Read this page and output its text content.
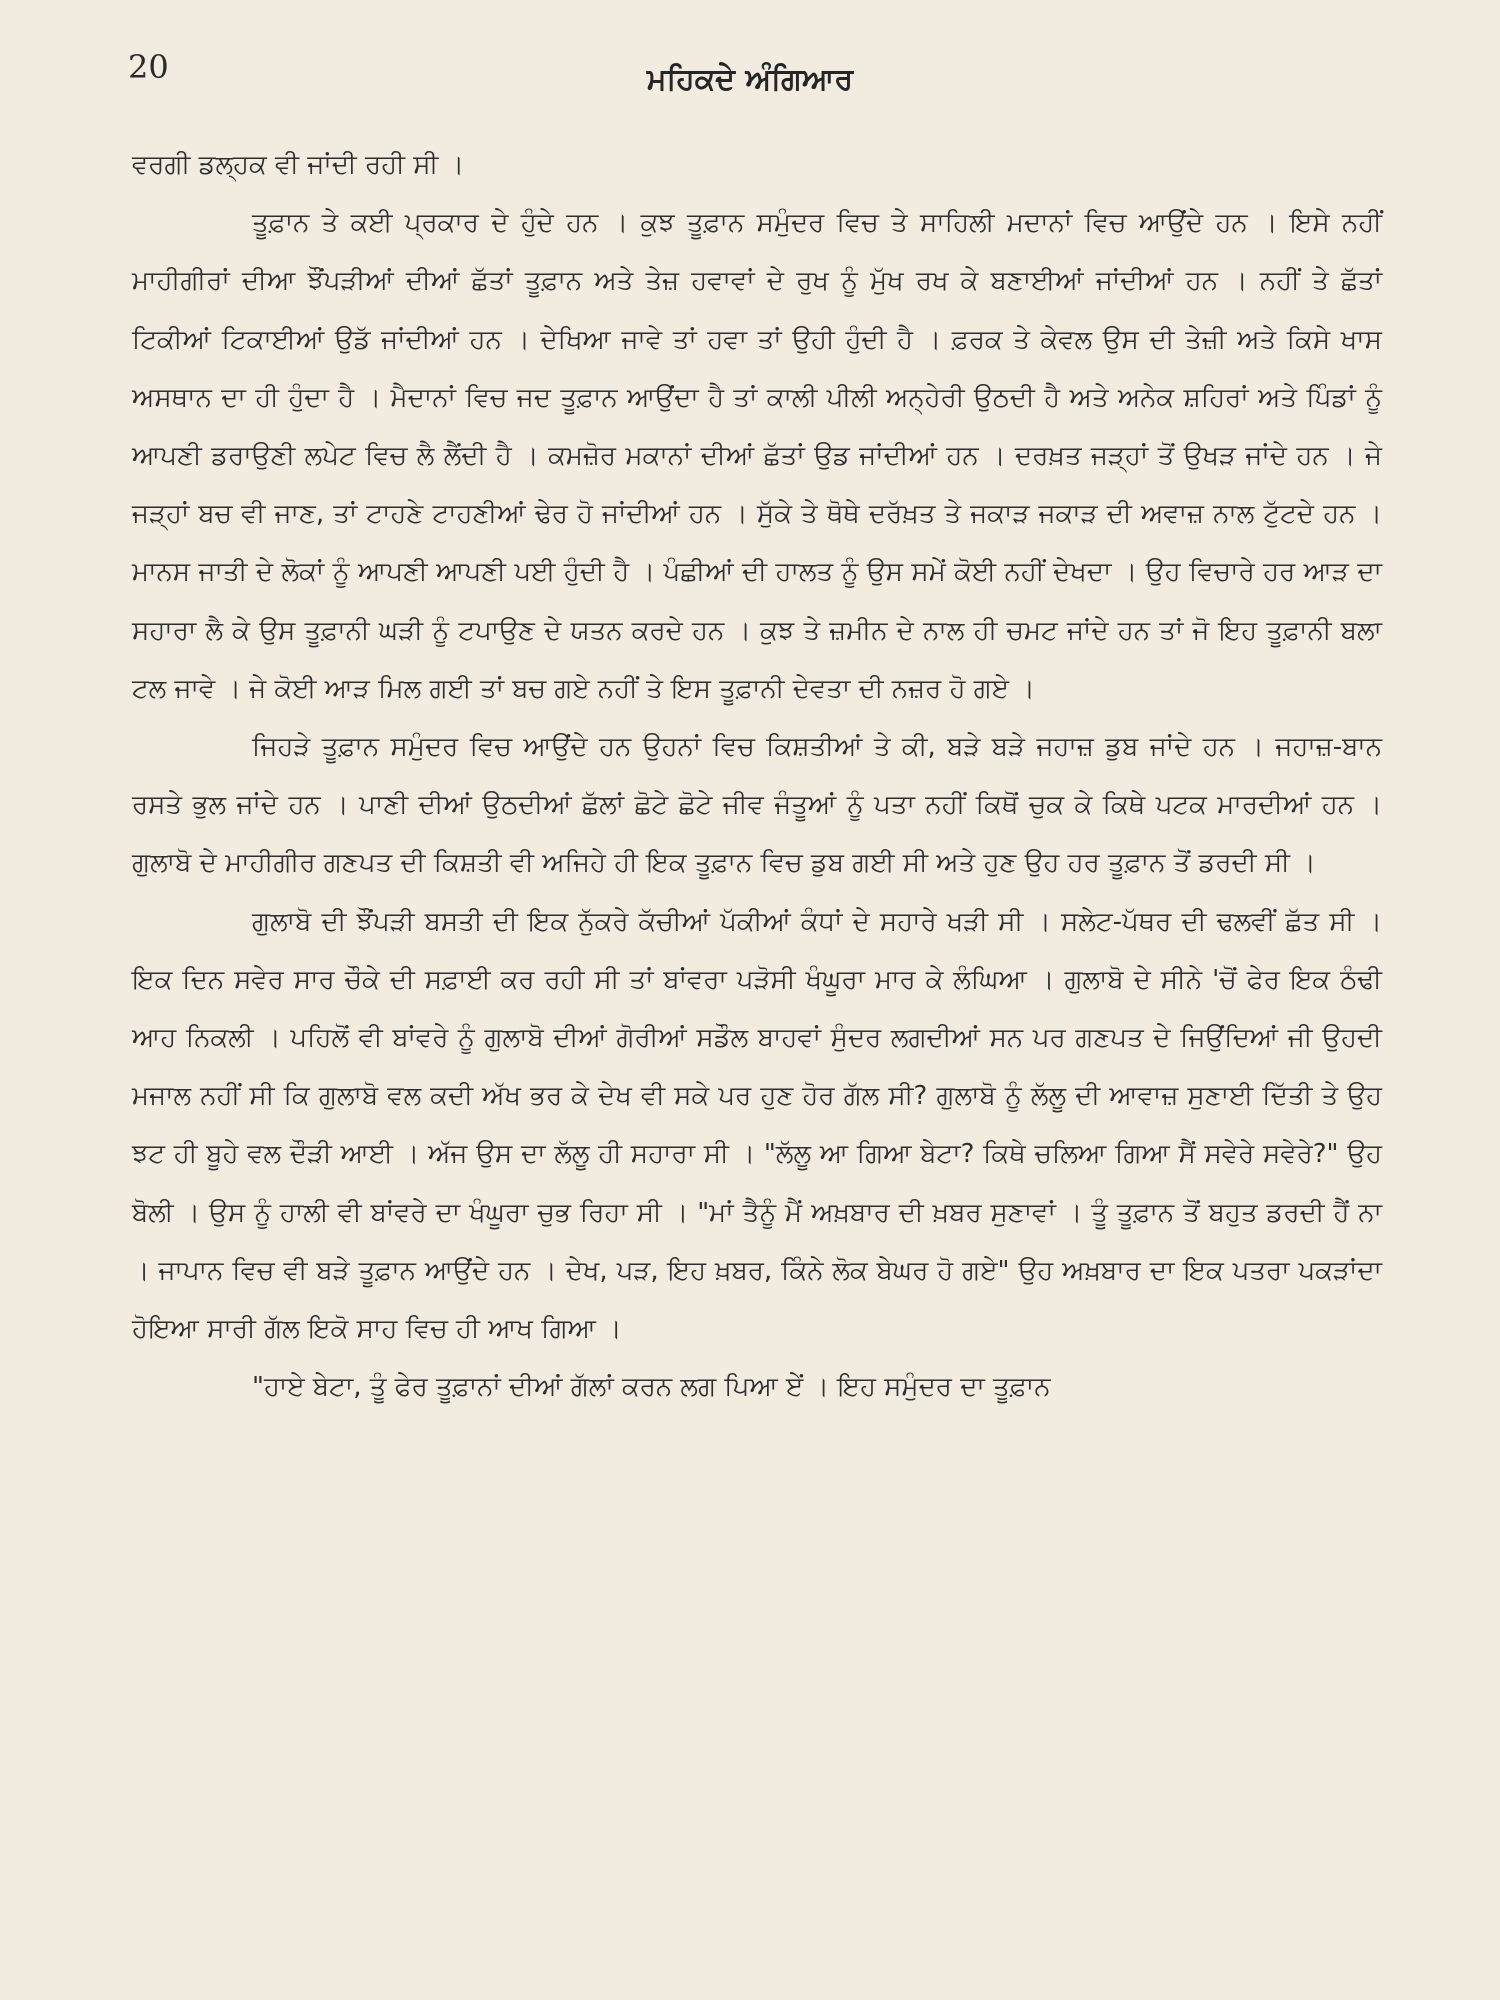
20	ਮਹਿਕਦੇ ਅੰਗਿਆਰ

ਵਰਗੀ ਡਲ੍ਹਕ ਵੀ ਜਾਂਦੀ ਰਹੀ ਸੀ ।

ਤੂਫ਼ਾਨ ਤੇ ਕਈ ਪ੍ਰਕਾਰ ਦੇ ਹੁੰਦੇ ਹਨ । ਕੁਝ ਤੂਫ਼ਾਨ ਸਮੁੰਦਰ ਵਿਚ ਤੇ ਸਾਹਿਲੀ ਮਦਾਨਾਂ ਵਿਚ ਆਉਂਦੇ ਹਨ । ਇਸੇ ਨਹੀਂ ਮਾਹੀਗੀਰਾਂ ਦੀਆ ਝੌਂਪੜੀਆਂ ਦੀਆਂ ਛੱਤਾਂ ਤੂਫ਼ਾਨ ਅਤੇ ਤੇਜ਼ ਹਵਾਵਾਂ ਦੇ ਰੁਖ ਨੂੰ ਮੁੱਖ ਰਖ ਕੇ ਬਣਾਈਆਂ ਜਾਂਦੀਆਂ ਹਨ । ਨਹੀਂ ਤੇ ਛੱਤਾਂ ਟਿਕੀਆਂ ਟਿਕਾਈਆਂ ਉਡੱ ਜਾਂਦੀਆਂ ਹਨ । ਦੇਖਿਆ ਜਾਵੇ ਤਾਂ ਹਵਾ ਤਾਂ ਉਹੀ ਹੁੰਦੀ ਹੈ । ਫ਼ਰਕ ਤੇ ਕੇਵਲ ਉਸ ਦੀ ਤੇਜ਼ੀ ਅਤੇ ਕਿਸੇ ਖਾਸ ਅਸਥਾਨ ਦਾ ਹੀ ਹੁੰਦਾ ਹੈ । ਮੈਦਾਨਾਂ ਵਿਚ ਜਦ ਤੂਫ਼ਾਨ ਆਉਂਦਾ ਹੈ ਤਾਂ ਕਾਲੀ ਪੀਲੀ ਅਨ੍ਹੇਰੀ ਉਠਦੀ ਹੈ ਅਤੇ ਅਨੇਕ ਸ਼ਹਿਰਾਂ ਅਤੇ ਪਿੰਡਾਂ ਨੂੰ ਆਪਣੀ ਡਰਾਉਣੀ ਲਪੇਟ ਵਿਚ ਲੈ ਲੈਂਦੀ ਹੈ । ਕਮਜ਼ੋਰ ਮਕਾਨਾਂ ਦੀਆਂ ਛੱਤਾਂ ਉਡ ਜਾਂਦੀਆਂ ਹਨ । ਦਰਖ਼ਤ ਜੜ੍ਹਾਂ ਤੋਂ ਉਖੜ ਜਾਂਦੇ ਹਨ । ਜੇ ਜੜ੍ਹਾਂ ਬਚ ਵੀ ਜਾਣ, ਤਾਂ ਟਾਹਣੇ ਟਾਹਣੀਆਂ ਢੇਰ ਹੋ ਜਾਂਦੀਆਂ ਹਨ । ਸੁੱਕੇ ਤੇ ਥੋਥੇ ਦਰੱਖ਼ਤ ਤੇ ਜਕਾੜ ਜਕਾੜ ਦੀ ਅਵਾਜ਼ ਨਾਲ ਟੁੱਟਦੇ ਹਨ । ਮਾਨਸ ਜਾਤੀ ਦੇ ਲੋਕਾਂ ਨੂੰ ਆਪਣੀ ਆਪਣੀ ਪਈ ਹੁੰਦੀ ਹੈ । ਪੰਛੀਆਂ ਦੀ ਹਾਲਤ ਨੂੰ ਉਸ ਸਮੇਂ ਕੋਈ ਨਹੀਂ ਦੇਖਦਾ । ਉਹ ਵਿਚਾਰੇ ਹਰ ਆੜ ਦਾ ਸਹਾਰਾ ਲੈ ਕੇ ਉਸ ਤੂਫ਼ਾਨੀ ਘੜੀ ਨੂੰ ਟਪਾਉਣ ਦੇ ਯਤਨ ਕਰਦੇ ਹਨ । ਕੁਝ ਤੇ ਜ਼ਮੀਨ ਦੇ ਨਾਲ ਹੀ ਚਮਟ ਜਾਂਦੇ ਹਨ ਤਾਂ ਜੋ ਇਹ ਤੂਫ਼ਾਨੀ ਬਲਾ ਟਲ ਜਾਵੇ । ਜੇ ਕੋਈ ਆੜ ਮਿਲ ਗਈ ਤਾਂ ਬਚ ਗਏ ਨਹੀਂ ਤੇ ਇਸ ਤੂਫ਼ਾਨੀ ਦੇਵਤਾ ਦੀ ਨਜ਼ਰ ਹੋ ਗਏ ।

ਜਿਹੜੇ ਤੂਫ਼ਾਨ ਸਮੁੰਦਰ ਵਿਚ ਆਉਂਦੇ ਹਨ ਉਹਨਾਂ ਵਿਚ ਕਿਸ਼ਤੀਆਂ ਤੇ ਕੀ, ਬੜੇ ਬੜੇ ਜਹਾਜ਼ ਡੁਬ ਜਾਂਦੇ ਹਨ । ਜਹਾਜ਼-ਬਾਨ ਰਸਤੇ ਭੁਲ ਜਾਂਦੇ ਹਨ । ਪਾਣੀ ਦੀਆਂ ਉਠਦੀਆਂ ਛੱਲਾਂ ਛੋਟੇ ਛੋਟੇ ਜੀਵ ਜੰਤੂਆਂ ਨੂੰ ਪਤਾ ਨਹੀਂ ਕਿਥੋਂ ਚੁਕ ਕੇ ਕਿਥੇ ਪਟਕ ਮਾਰਦੀਆਂ ਹਨ । ਗੁਲਾਬੋ ਦੇ ਮਾਹੀਗੀਰ ਗਣਪਤ ਦੀ ਕਿਸ਼ਤੀ ਵੀ ਅਜਿਹੇ ਹੀ ਇਕ ਤੂਫ਼ਾਨ ਵਿਚ ਡੁਬ ਗਈ ਸੀ ਅਤੇ ਹੁਣ ਉਹ ਹਰ ਤੂਫ਼ਾਨ ਤੋਂ ਡਰਦੀ ਸੀ ।

ਗੁਲਾਬੋ ਦੀ ਝੌਂਪੜੀ ਬਸਤੀ ਦੀ ਇਕ ਨੁੱਕਰੇ ਕੱਚੀਆਂ ਪੱਕੀਆਂ ਕੰਧਾਂ ਦੇ ਸਹਾਰੇ ਖੜੀ ਸੀ । ਸਲੇਟ-ਪੱਥਰ ਦੀ ਢਲਵੀਂ ਛੱਤ ਸੀ । ਇਕ ਦਿਨ ਸਵੇਰ ਸਾਰ ਚੌਕੇ ਦੀ ਸਫ਼ਾਈ ਕਰ ਰਹੀ ਸੀ ਤਾਂ ਬਾਂਵਰਾ ਪੜੋਸੀ ਖੰਘੂਰਾ ਮਾਰ ਕੇ ਲੰਘਿਆ । ਗੁਲਾਬੋ ਦੇ ਸੀਨੇ 'ਚੋਂ ਫੇਰ ਇਕ ਠੰਢੀ ਆਹ ਨਿਕਲੀ । ਪਹਿਲੋਂ ਵੀ ਬਾਂਵਰੇ ਨੂੰ ਗੁਲਾਬੋ ਦੀਆਂ ਗੋਰੀਆਂ ਸਡੌਲ ਬਾਹਵਾਂ ਸੁੰਦਰ ਲਗਦੀਆਂ ਸਨ ਪਰ ਗਣਪਤ ਦੇ ਜਿਉਂਦਿਆਂ ਜੀ ਉਹਦੀ ਮਜਾਲ ਨਹੀਂ ਸੀ ਕਿ ਗੁਲਾਬੋ ਵਲ ਕਦੀ ਅੱਖ ਭਰ ਕੇ ਦੇਖ ਵੀ ਸਕੇ ਪਰ ਹੁਣ ਹੋਰ ਗੱਲ ਸੀ? ਗੁਲਾਬੋ ਨੂੰ ਲੱਲੂ ਦੀ ਆਵਾਜ਼ ਸੁਣਾਈ ਦਿੱਤੀ ਤੇ ਉਹ ਝਟ ਹੀ ਬੂਹੇ ਵਲ ਦੌੜੀ ਆਈ । ਅੱਜ ਉਸ ਦਾ ਲੱਲੂ ਹੀ ਸਹਾਰਾ ਸੀ । "ਲੱਲੂ ਆ ਗਿਆ ਬੇਟਾ? ਕਿਥੇ ਚਲਿਆ ਗਿਆ ਸੈਂ ਸਵੇਰੇ ਸਵੇਰੇ?" ਉਹ ਬੋਲੀ । ਉਸ ਨੂੰ ਹਾਲੀ ਵੀ ਬਾਂਵਰੇ ਦਾ ਖੰਘੂਰਾ ਚੁਭ ਰਿਹਾ ਸੀ । "ਮਾਂ ਤੈਨੂੰ ਮੈਂ ਅਖ਼ਬਾਰ ਦੀ ਖ਼ਬਰ ਸੁਣਾਵਾਂ । ਤੂੰ ਤੂਫ਼ਾਨ ਤੋਂ ਬਹੁਤ ਡਰਦੀ ਹੈਂ ਨਾ । ਜਾਪਾਨ ਵਿਚ ਵੀ ਬੜੇ ਤੂਫ਼ਾਨ ਆਉਂਦੇ ਹਨ । ਦੇਖ, ਪੜ, ਇਹ ਖ਼ਬਰ, ਕਿੰਨੇ ਲੋਕ ਬੇਘਰ ਹੋ ਗਏ" ਉਹ ਅਖ਼ਬਾਰ ਦਾ ਇਕ ਪਤਰਾ ਪਕੜਾਂਦਾ ਹੋਇਆ ਸਾਰੀ ਗੱਲ ਇਕੋ ਸਾਹ ਵਿਚ ਹੀ ਆਖ ਗਿਆ ।

"ਹਾਏ ਬੇਟਾ, ਤੂੰ ਫੇਰ ਤੂਫ਼ਾਨਾਂ ਦੀਆਂ ਗੱਲਾਂ ਕਰਨ ਲਗ ਪਿਆ ਏਂ । ਇਹ ਸਮੁੰਦਰ ਦਾ ਤੂਫ਼ਾਨ
